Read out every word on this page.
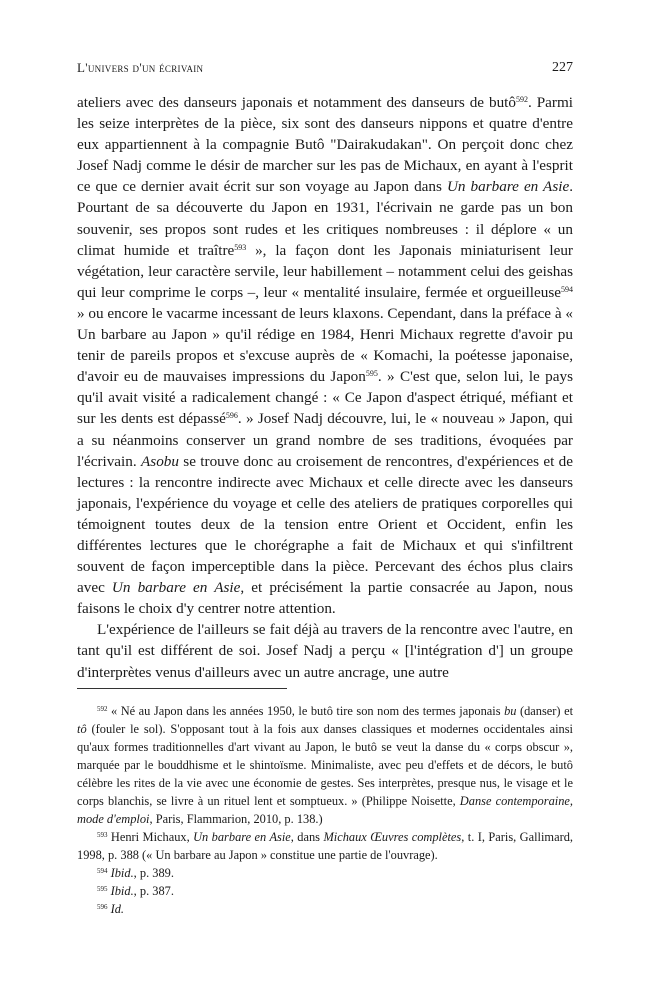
L'univers d'un écrivain	227

ateliers avec des danseurs japonais et notamment des danseurs de butô$^{592}$. Parmi les seize interprètes de la pièce, six sont des danseurs nippons et quatre d'entre eux appartiennent à la compagnie Butô "Dairakudakan". On perçoit donc chez Josef Nadj comme le désir de marcher sur les pas de Michaux, en ayant à l'esprit ce que ce dernier avait écrit sur son voyage au Japon dans Un barbare en Asie. Pourtant de sa découverte du Japon en 1931, l'écrivain ne garde pas un bon souvenir, ses propos sont rudes et les critiques nombreuses : il déplore « un climat humide et traître$^{593}$ », la façon dont les Japonais miniaturisent leur végétation, leur caractère servile, leur habillement – notamment celui des geishas qui leur comprime le corps –, leur « mentalité insulaire, fermée et orgueilleuse$^{594}$ » ou encore le vacarme incessant de leurs klaxons. Cependant, dans la préface à « Un barbare au Japon » qu'il rédige en 1984, Henri Michaux regrette d'avoir pu tenir de pareils propos et s'excuse auprès de « Komachi, la poétesse japonaise, d'avoir eu de mauvaises impressions du Japon$^{595}$. » C'est que, selon lui, le pays qu'il avait visité a radicalement changé : « Ce Japon d'aspect étriqué, méfiant et sur les dents est dépassé$^{596}$. » Josef Nadj découvre, lui, le « nouveau » Japon, qui a su néanmoins conserver un grand nombre de ses traditions, évoquées par l'écrivain. Asobu se trouve donc au croisement de rencontres, d'expériences et de lectures : la rencontre indirecte avec Michaux et celle directe avec les danseurs japonais, l'expérience du voyage et celle des ateliers de pratiques corporelles qui témoignent toutes deux de la tension entre Orient et Occident, enfin les différentes lectures que le chorégraphe a fait de Michaux et qui s'infiltrent souvent de façon imperceptible dans la pièce. Percevant des échos plus clairs avec Un barbare en Asie, et précisément la partie consacrée au Japon, nous faisons le choix d'y centrer notre attention.

L'expérience de l'ailleurs se fait déjà au travers de la rencontre avec l'autre, en tant qu'il est différent de soi. Josef Nadj a perçu « [l'intégration d'] un groupe d'interprètes venus d'ailleurs avec un autre ancrage, une autre

$^{592}$ « Né au Japon dans les années 1950, le butô tire son nom des termes japonais bu (danser) et tô (fouler le sol). S'opposant tout à la fois aux danses classiques et modernes occidentales ainsi qu'aux formes traditionnelles d'art vivant au Japon, le butô se veut la danse du « corps obscur », marquée par le bouddhisme et le shintoïsme. Minimaliste, avec peu d'effets et de décors, le butô célèbre les rites de la vie avec une économie de gestes. Ses interprètes, presque nus, le visage et le corps blanchis, se livre à un rituel lent et somptueux. » (Philippe Noisette, Danse contemporaine, mode d'emploi, Paris, Flammarion, 2010, p. 138.)

$^{593}$ Henri Michaux, Un barbare en Asie, dans Michaux Œuvres complètes, t. I, Paris, Gallimard, 1998, p. 388 (« Un barbare au Japon » constitue une partie de l'ouvrage).

$^{594}$ Ibid., p. 389.

$^{595}$ Ibid., p. 387.

$^{596}$ Id.
